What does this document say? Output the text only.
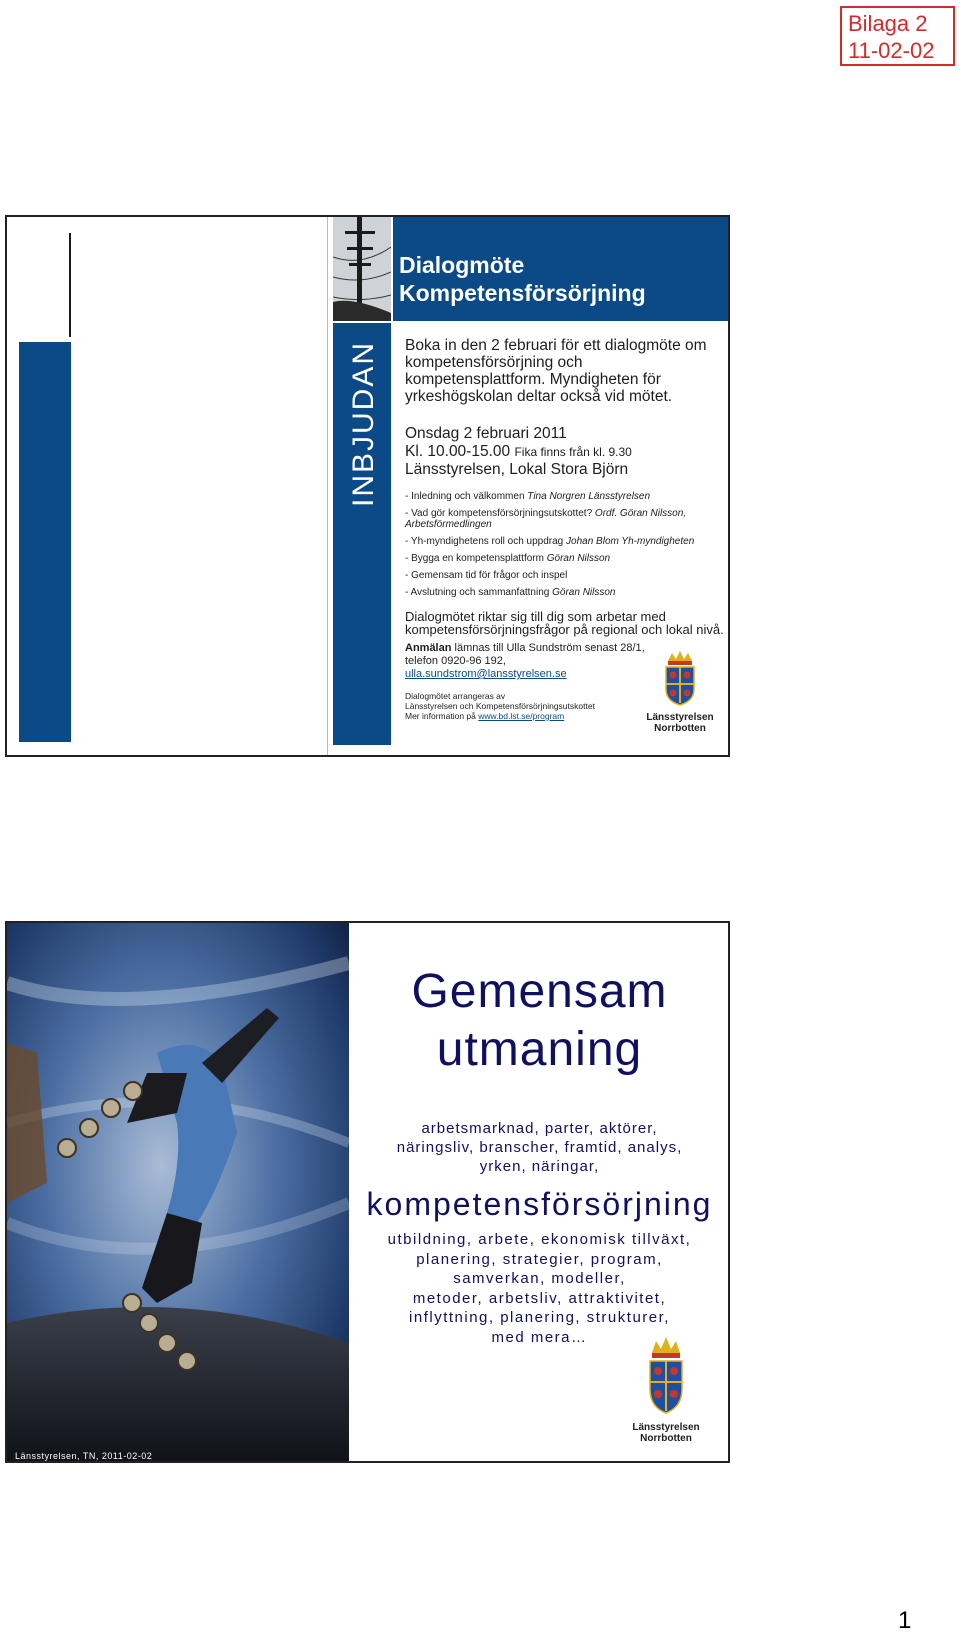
Bilaga 2
11-02-02
Dialogmöte
Kompetensförsörjning
INBJUDAN Boka in den 2 februari för ett dialogmöte om kompetensförsörjning och kompetensplattform. Myndigheten för yrkeshögskolan deltar också vid mötet.

Onsdag 2 februari 2011
Kl. 10.00-15.00 Fika finns från kl. 9.30
Länsstyrelsen, Lokal Stora Björn
- Inledning och välkommen Tina Norgren Länsstyrelsen
- Vad gör kompetensförsörjningsutskottet? Ordf. Göran Nilsson, Arbetsförmedlingen
- Yh-myndighetens roll och uppdrag Johan Blom Yh-myndigheten
- Bygga en kompetensplattform Göran Nilsson
- Gemensam tid för frågor och inspel
- Avslutning och sammanfattning Göran Nilsson

Dialogmötet riktar sig till dig som arbetar med kompetensförsörjningsfrågor på regional och lokal nivå.

Anmälan lämnas till Ulla Sundström senast 28/1, telefon 0920-96 192,
ulla.sundstrom@lansstyrelsen.se

Dialogmötet arrangeras av
Länsstyrelsen och Kompetensförsörjningsutskottet
Mer information på www.bd.lst.se/program	Länsstyrelsen
Norrbotten
Länsstyrelsen, TN, 2011-02-02
Gemensam
utmaning
arbetsmarknad, parter, aktörer,
näringsliv, branscher, framtid, analys,
yrken, näringar,
kompetensförsörjning
utbildning, arbete, ekonomisk tillväxt,
planering, strategier, program,
samverkan, modeller,
metoder, arbetsliv, attraktivitet,
inflyttning, planering, strukturer,
med mera…
Länsstyrelsen
Norrbotten
1
